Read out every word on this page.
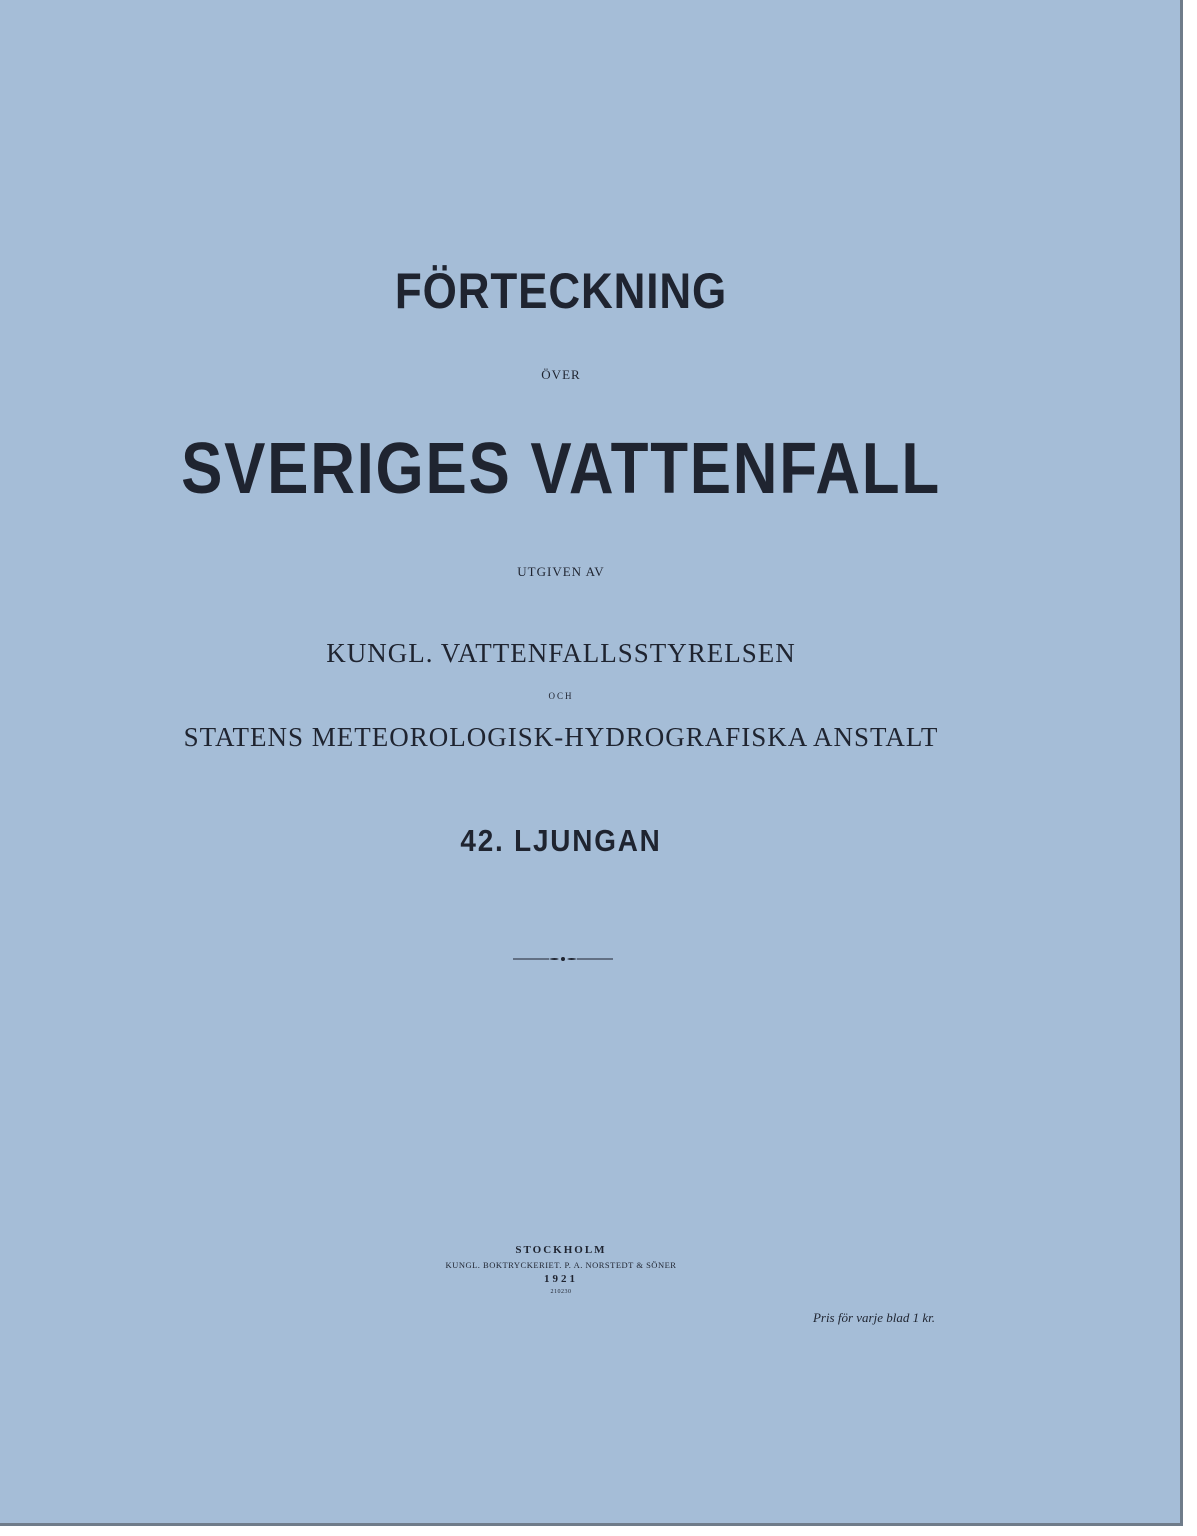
FÖRTECKNING
ÖVER
SVERIGES VATTENFALL
UTGIVEN AV
KUNGL. VATTENFALLSSTYRELSEN
OCH
STATENS METEOROLOGISK-HYDROGRAFISKA ANSTALT
42. LJUNGAN
STOCKHOLM
KUNGL. BOKTRYCKERIET. P. A. NORSTEDT & SÖNER
1921
210230
Pris för varje blad 1 kr.
